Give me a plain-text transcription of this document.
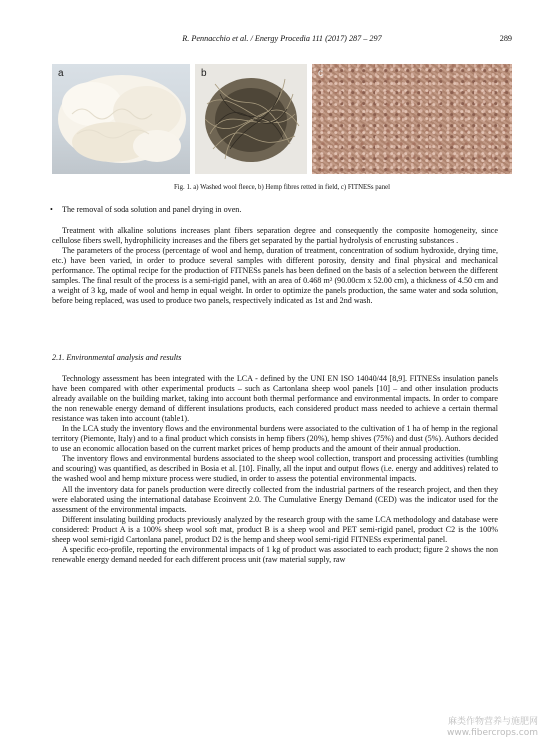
R. Pennacchio et al. / Energy Procedia 111 (2017) 287 – 297	289
a	b	c
Fig. 1. a) Washed wool fleece, b) Hemp fibres retted in field, c) FITNESs panel
• The removal of soda solution and panel drying in oven.

Treatment with alkaline solutions increases plant fibers separation degree and consequently the composite homogeneity, since cellulose fibers swell, hydrophilicity increases and the fibers get separated by the partial hydrolysis of encrusting substances .

The parameters of the process (percentage of wool and hemp, duration of treatment, concentration of sodium hydroxide, drying time, etc.) have been varied, in order to produce several samples with different porosity, density and final physical and mechanical performance. The optimal recipe for the production of FITNESs panels has been defined on the basis of a selection between the different samples. The final result of the process is a semi-rigid panel, with an area of 0.468 m² (90.00cm x 52.00 cm), a thickness of 4.50 cm and a weight of 3 kg, made of wool and hemp in equal weight. In order to optimize the panels production, the same water and soda solution, before being replaced, was used to produce two panels, respectively indicated as 1st and 2nd wash.

2.1. Environmental analysis and results

Technology assessment has been integrated with the LCA - defined by the UNI EN ISO 14040/44 [8,9]. FITNESs insulation panels have been compared with other experimental products – such as Cartonlana sheep wool panels [10] – and other insulation products already available on the building market, taking into account both thermal performance and environmental impacts. In order to compare the non renewable energy demand of different insulations products, each considered product mass needed to achieve a certain thermal resistance was taken into account (table1).

In the LCA study the inventory flows and the environmental burdens were associated to the cultivation of 1 ha of hemp in the regional territory (Piemonte, Italy) and to a final product which consists in hemp fibers (20%), hemp shives (75%) and dust (5%). Authors decided to use an economic allocation based on the current market prices of hemp products and the amount of their annual production.

The inventory flows and environmental burdens associated to the sheep wool collection, transport and processing activities (tumbling and scouring) was quantified, as described in Bosia et al. [10]. Finally, all the input and output flows (i.e. energy and additives) related to the washed wool and hemp mixture process were studied, in order to assess the potential environmental impacts.

All the inventory data for panels production were directly collected from the industrial partners of the research project, and then they were elaborated using the international database Ecoinvent 2.0. The Cumulative Energy Demand (CED) was the indicator used for the assessment of the environmental impacts.

Different insulating building products previously analyzed by the research group with the same LCA methodology and database were considered: Product A is a 100% sheep wool soft mat, product B is a sheep wool and PET semi-rigid panel, product C2 is the 100% sheep wool semi-rigid Cartonlana panel, product D2 is the hemp and sheep wool semi-rigid FITNESs experimental panel.

A specific eco-profile, reporting the environmental impacts of 1 kg of product was associated to each product; figure 2 shows the non renewable energy demand needed for each different process unit (raw material supply, raw

麻类作物营养与施肥网
www.fibercrops.com
